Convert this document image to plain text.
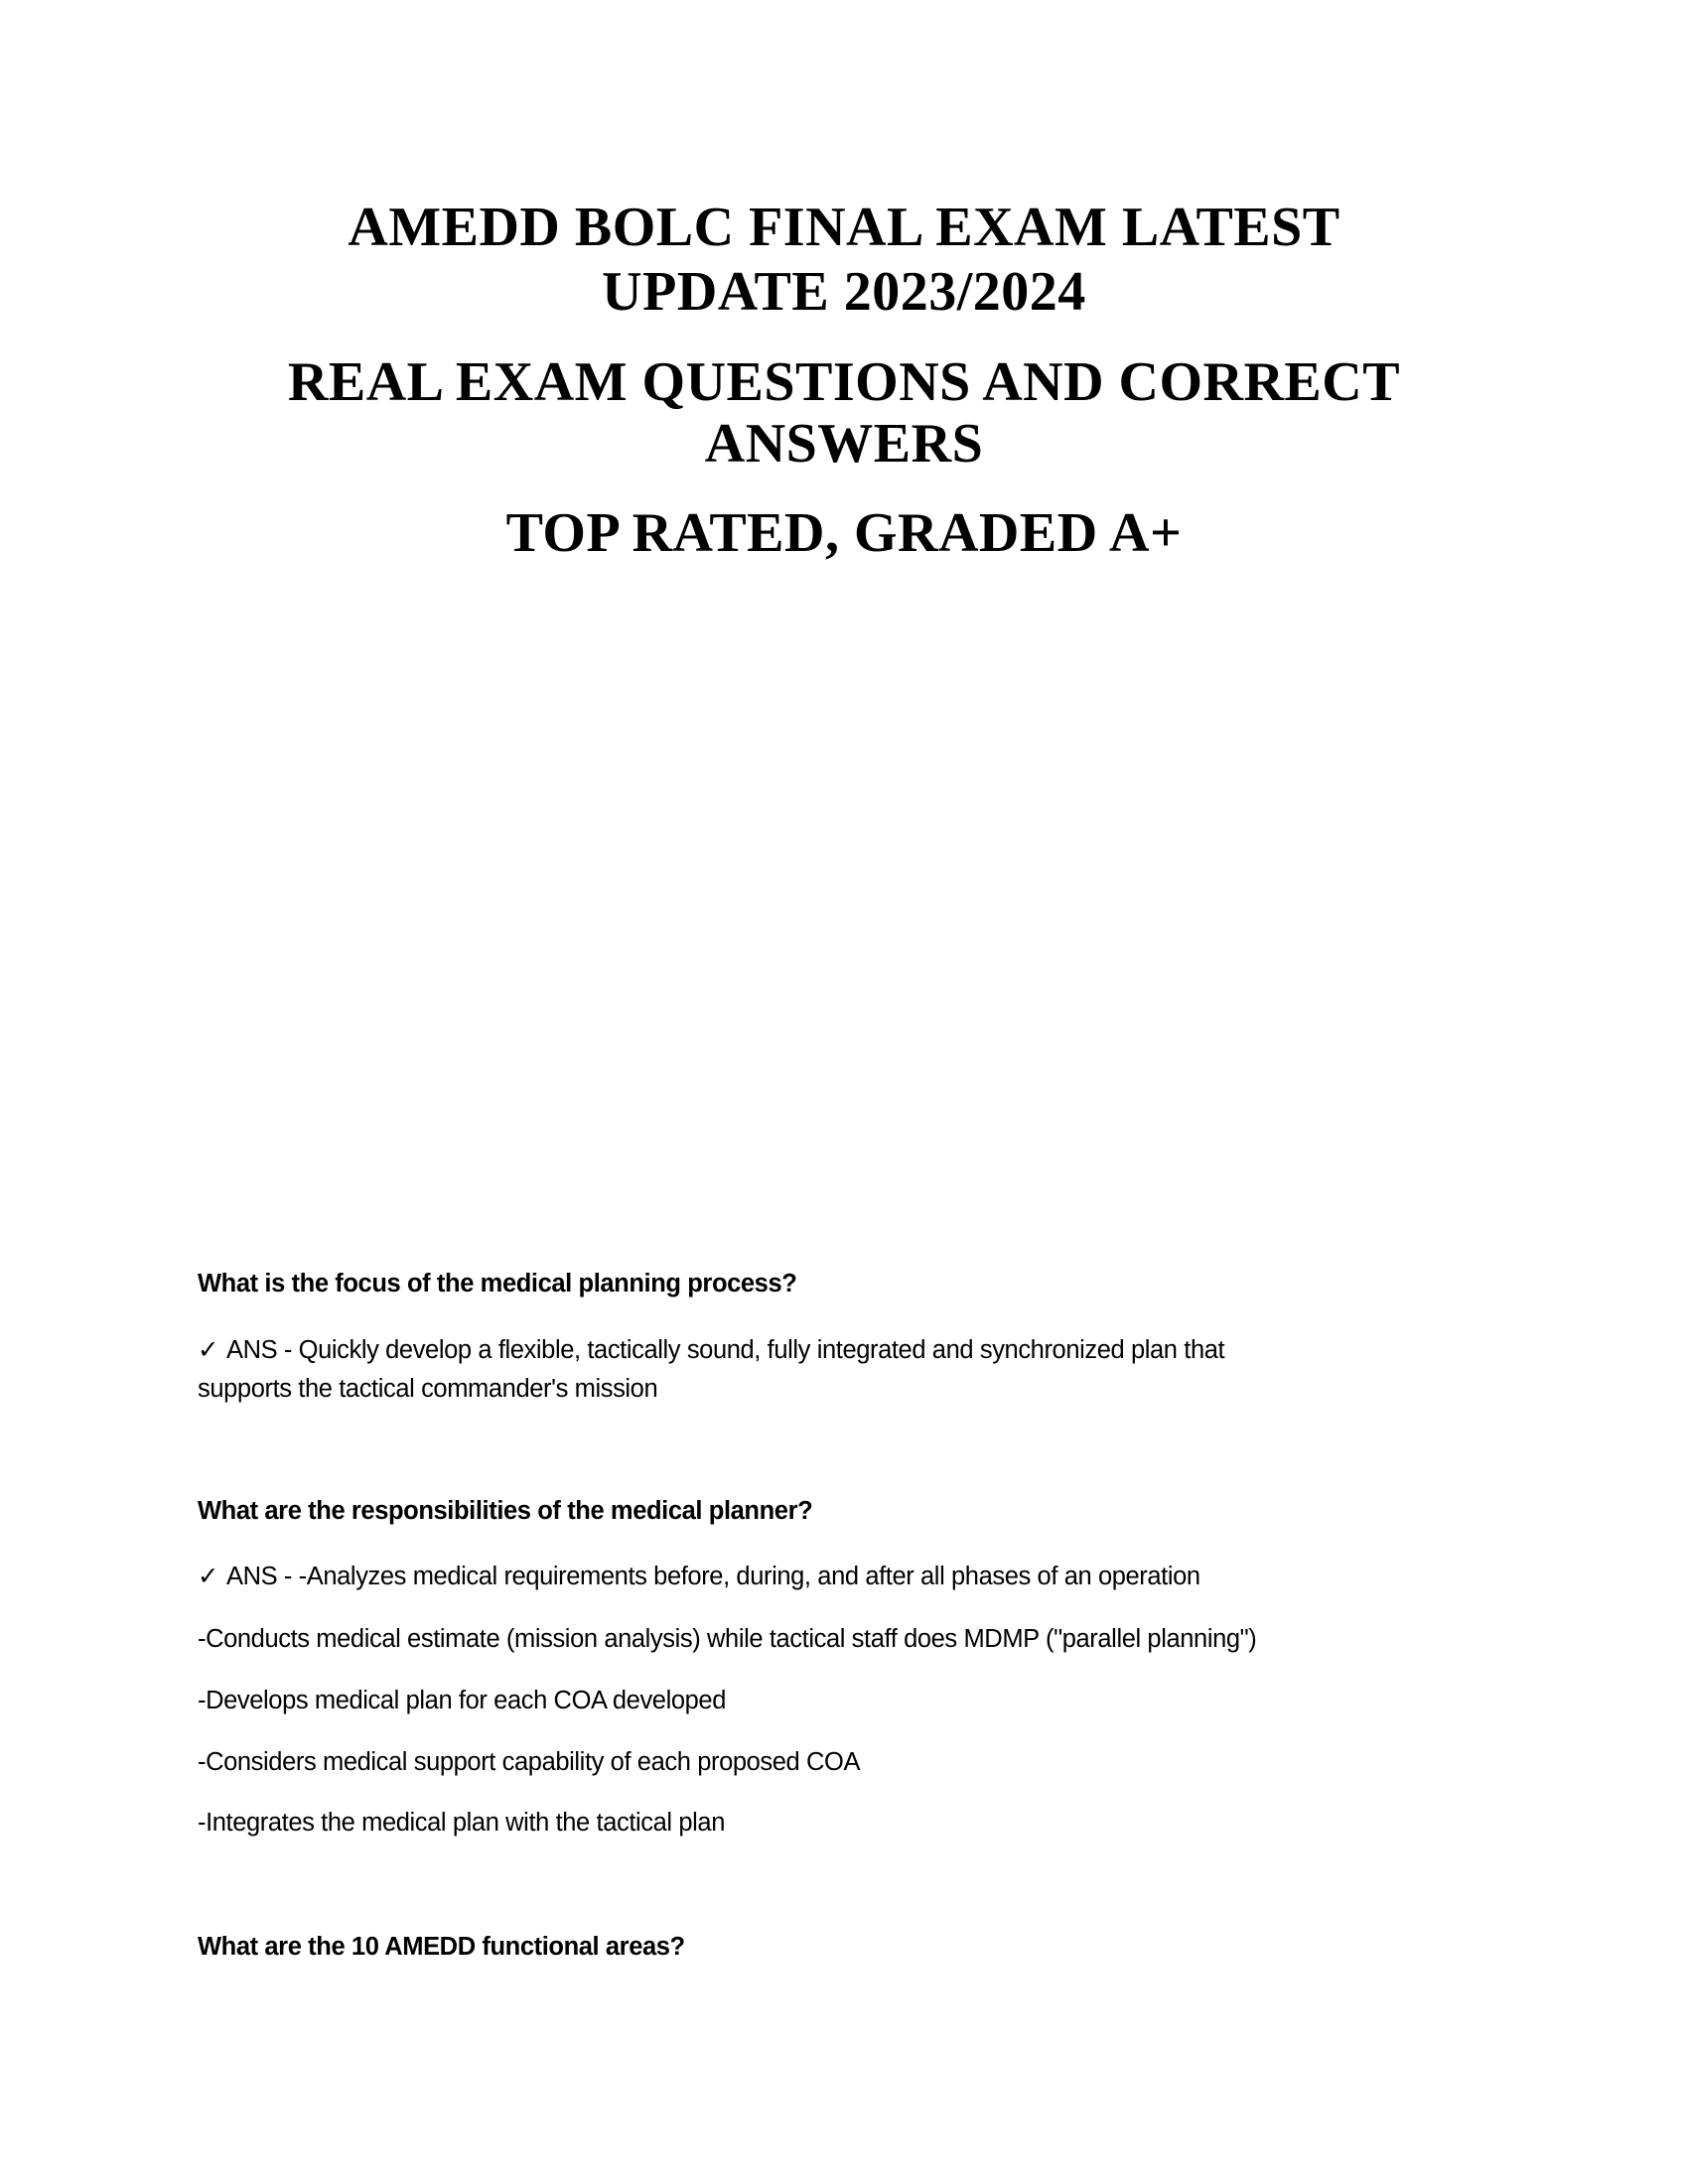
AMEDD BOLC FINAL EXAM LATEST
UPDATE 2023/2024
REAL EXAM QUESTIONS AND CORRECT
ANSWERS
TOP RATED, GRADED A+
What is the focus of the medical planning process?
✓ ANS - Quickly develop a flexible, tactically sound, fully integrated and synchronized plan that
supports the tactical commander's mission
What are the responsibilities of the medical planner?
✓ ANS - -Analyzes medical requirements before, during, and after all phases of an operation
-Conducts medical estimate (mission analysis) while tactical staff does MDMP ("parallel planning")
-Develops medical plan for each COA developed
-Considers medical support capability of each proposed COA
-Integrates the medical plan with the tactical plan
What are the 10 AMEDD functional areas?
